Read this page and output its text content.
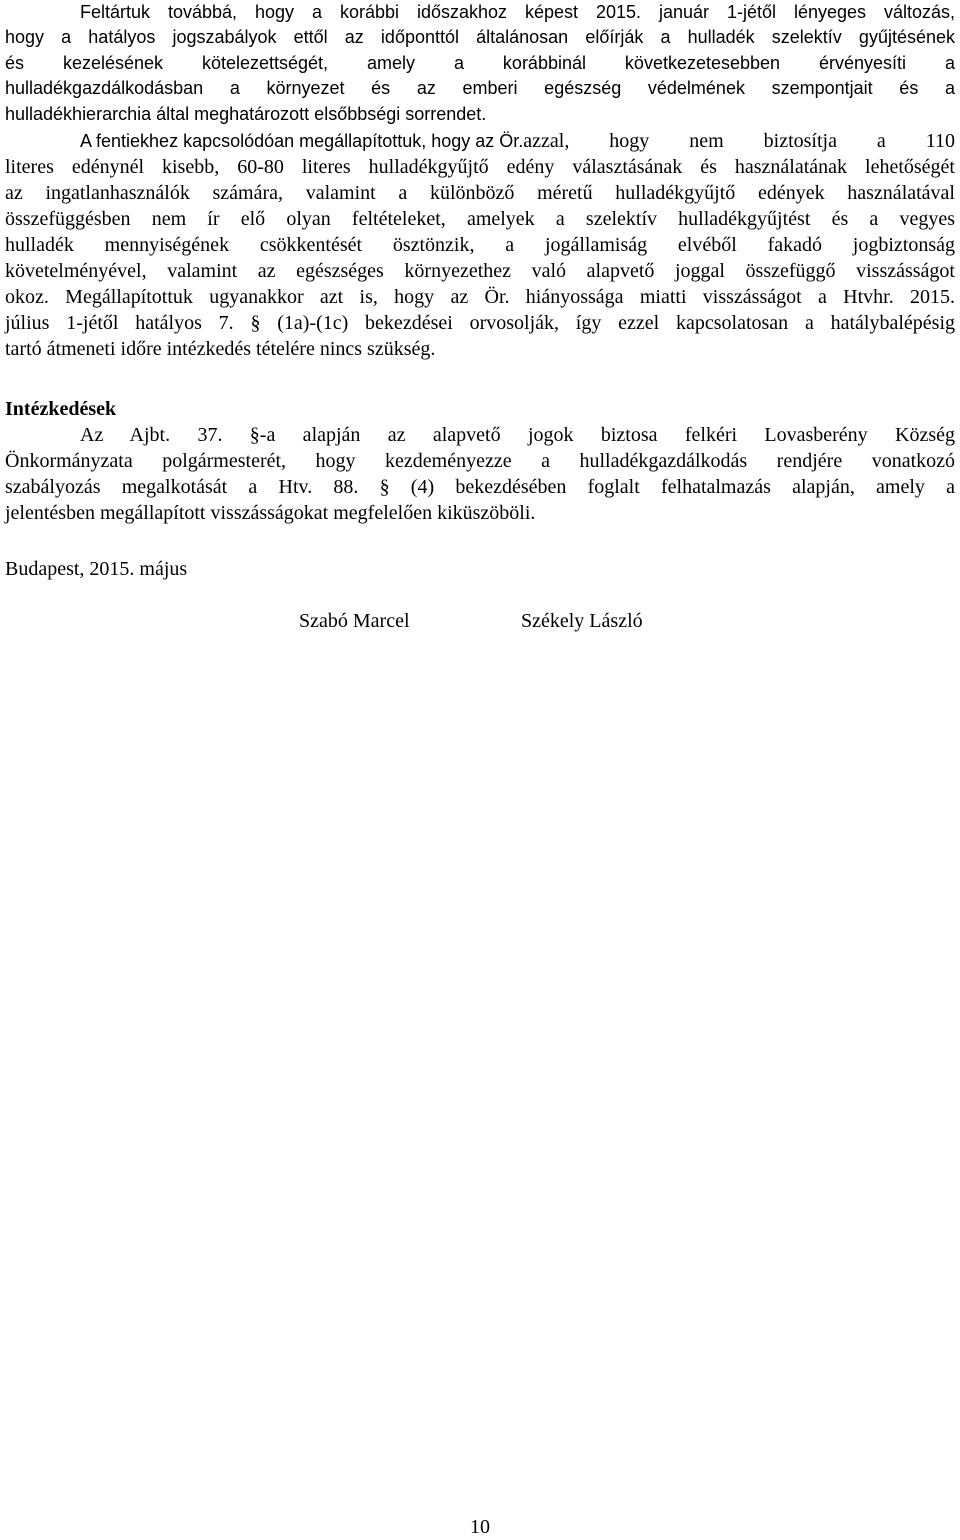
Feltártuk továbbá, hogy a korábbi időszakhoz képest 2015. január 1-jétől lényeges változás,
hogy a hatályos jogszabályok ettől az időponttól általánosan előírják a hulladék szelektív gyűjtésének
és kezelésének kötelezettségét, amely a korábbinál következetesebben érvényesíti a
hulladékgazdálkodásban a környezet és az emberi egészség védelmének szempontjait és a
hulladékhierarchia által meghatározott elsőbbségi sorrendet.
A fentiekhez kapcsolódóan megállapítottuk, hogy az Ör. azzal, hogy nem biztosítja a 110
literes edénynél kisebb, 60-80 literes hulladékgyűjtő edény választásának és használatának lehetőségét
az ingatlanhasználók számára, valamint a különböző méretű hulladékgyűjtő edények használatával
összefüggésben nem ír elő olyan feltételeket, amelyek a szelektív hulladékgyűjtést és a vegyes
hulladék mennyiségének csökkentését ösztönzik, a jogállamiság elvéből fakadó jogbiztonság
követelményével, valamint az egészséges környezethez való alapvető joggal összefüggő visszásságot
okoz. Megállapítottuk ugyanakkor azt is, hogy az Ör. hiányossága miatti visszásságot a Htvhr. 2015.
július 1-jétől hatályos 7. § (1a)-(1c) bekezdései orvosolják, így ezzel kapcsolatosan a hatálybalépésig
tartó átmeneti időre intézkedés tételére nincs szükség.
Intézkedések
Az Ajbt. 37. §-a alapján az alapvető jogok biztosa felkéri Lovasberény Község
Önkormányzata polgármesterét, hogy kezdeményezze a hulladékgazdálkodás rendjére vonatkozó
szabályozás megalkotását a Htv. 88. § (4) bekezdésében foglalt felhatalmazás alapján, amely a
jelentésben megállapított visszásságokat megfelelően kiküszöbölі.
Budapest, 2015. május
Szabó Marcel	Székely László
10
